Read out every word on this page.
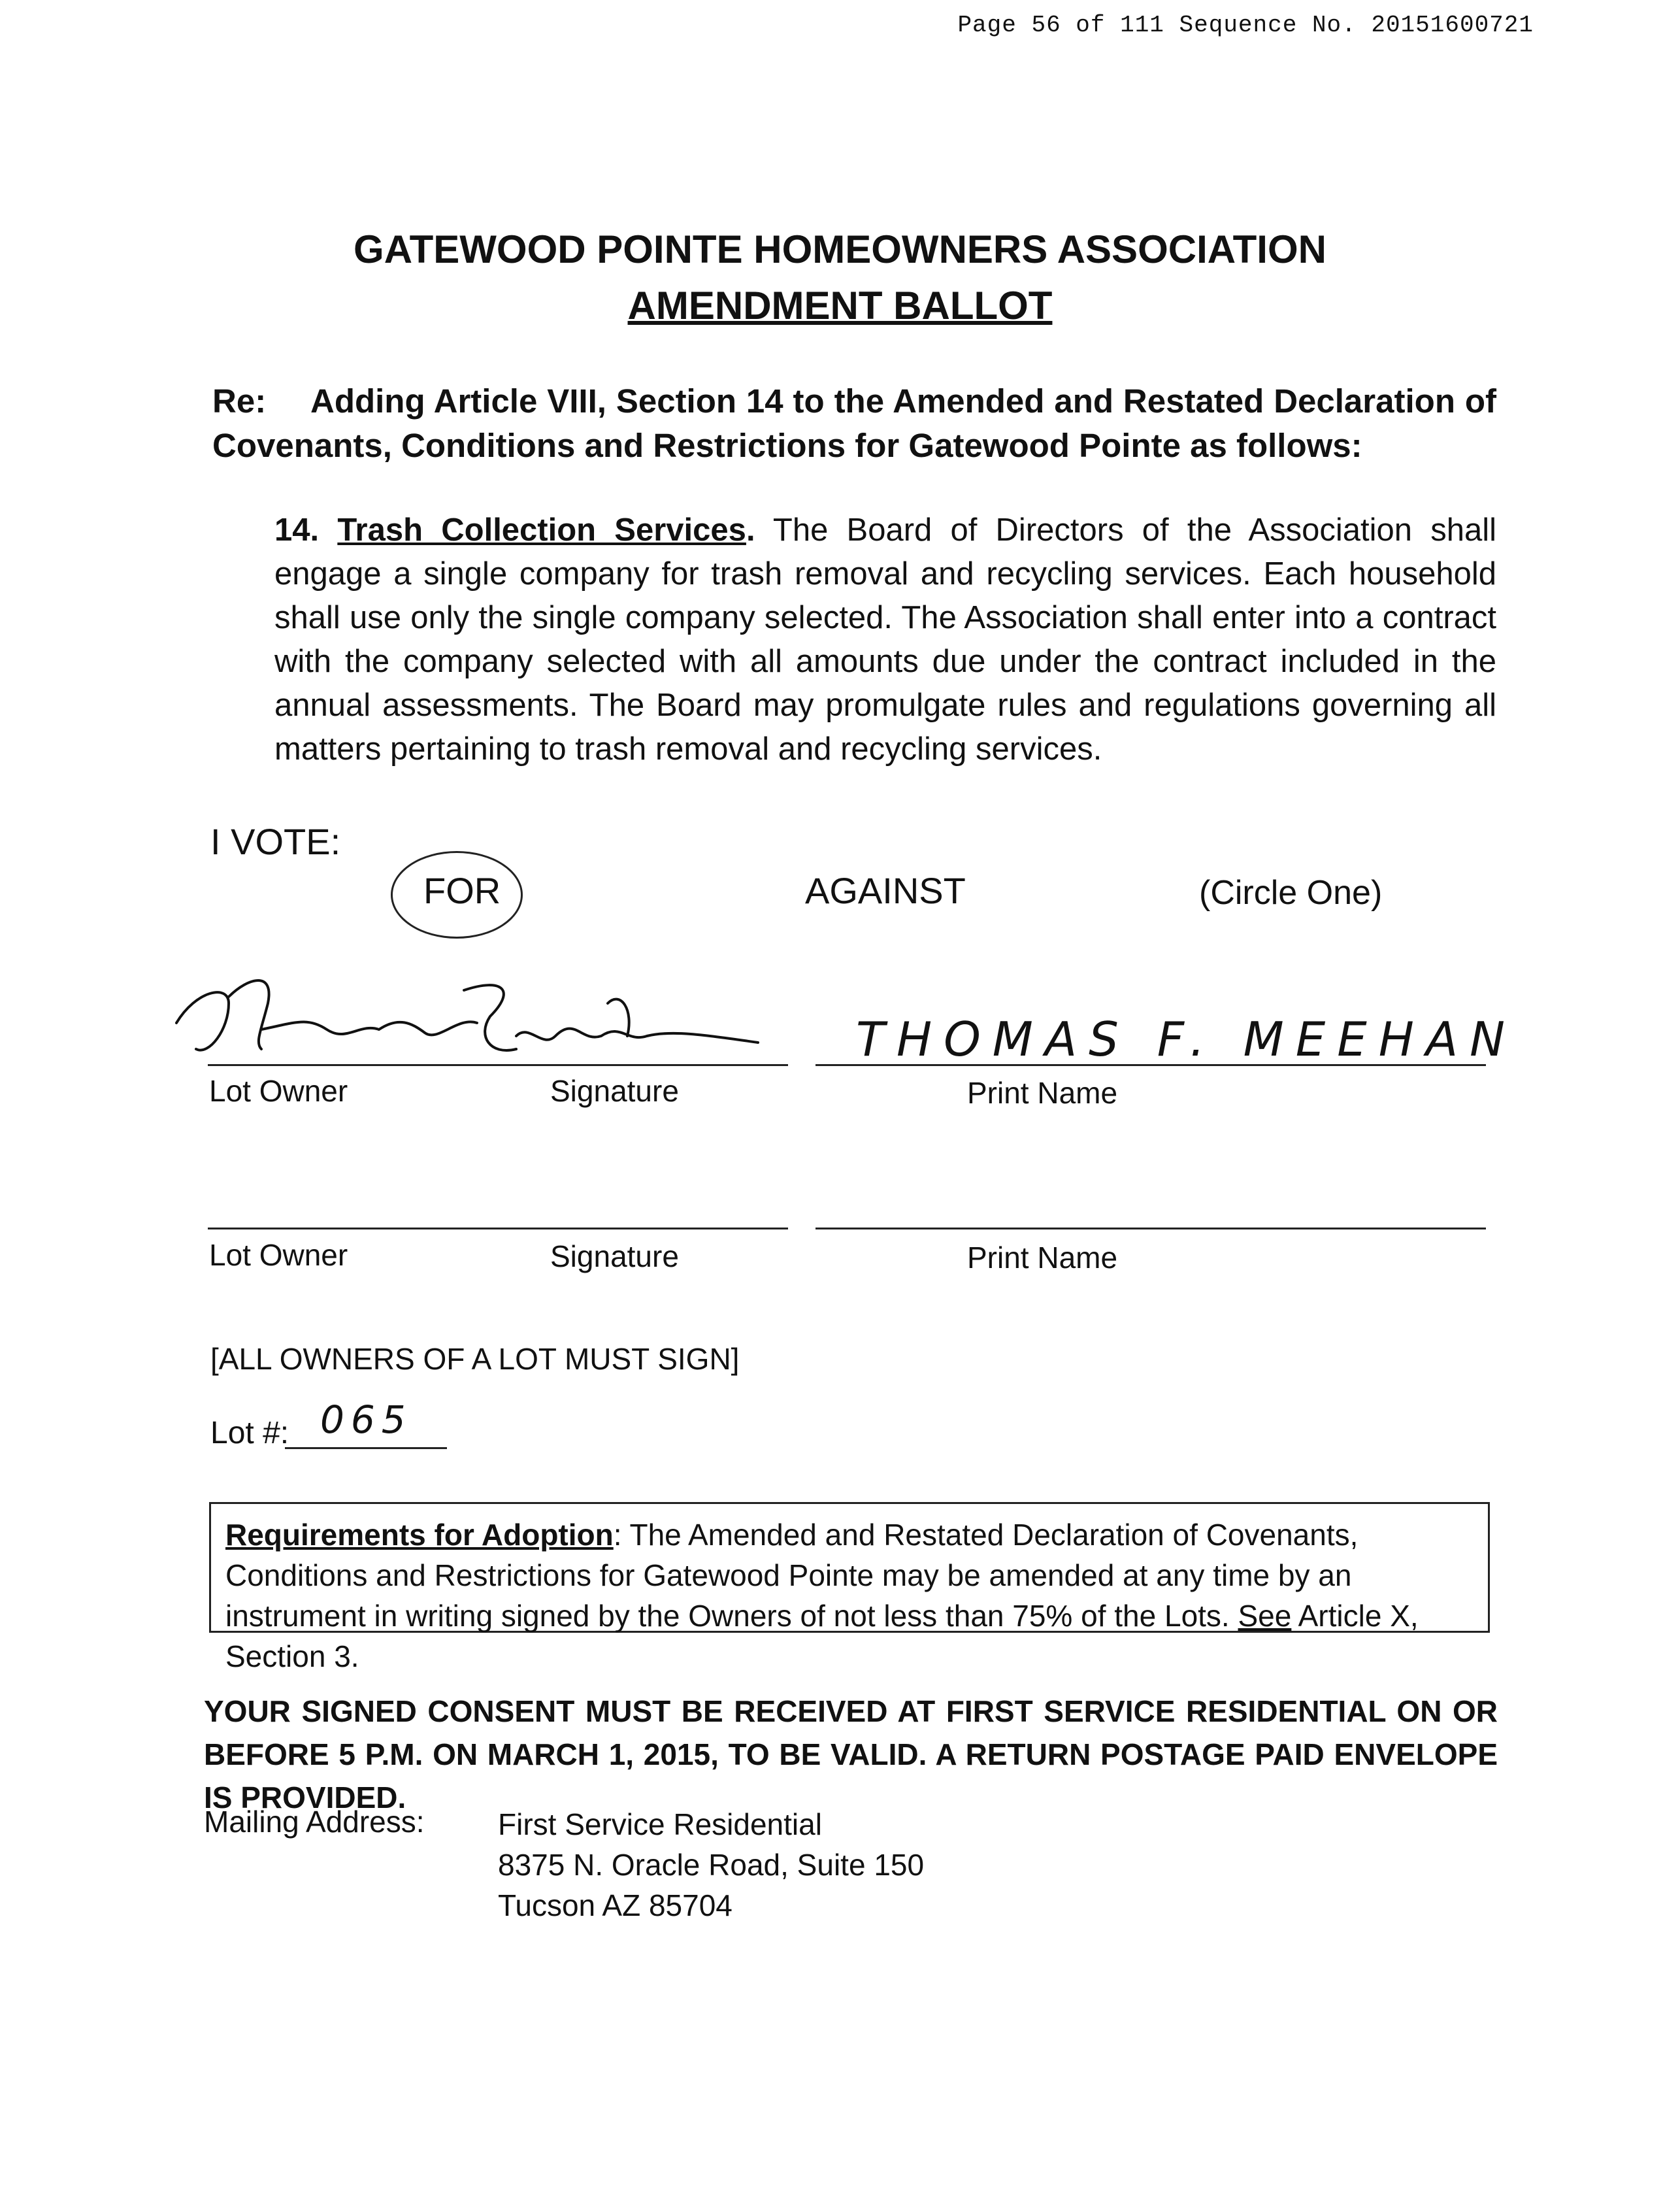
Page 56 of 111 Sequence No. 20151600721
GATEWOOD POINTE HOMEOWNERS ASSOCIATION
AMENDMENT BALLOT
Re: Adding Article VIII, Section 14 to the Amended and Restated Declaration of Covenants, Conditions and Restrictions for Gatewood Pointe as follows:
14. Trash Collection Services. The Board of Directors of the Association shall engage a single company for trash removal and recycling services. Each household shall use only the single company selected. The Association shall enter into a contract with the company selected with all amounts due under the contract included in the annual assessments. The Board may promulgate rules and regulations governing all matters pertaining to trash removal and recycling services.
I VOTE:
FOR	AGAINST	(Circle One)
THOMAS F. MEEHAN
Lot Owner	Signature	Print Name
Lot Owner	Signature	Print Name
[ALL OWNERS OF A LOT MUST SIGN]
Lot #: 065
Requirements for Adoption: The Amended and Restated Declaration of Covenants, Conditions and Restrictions for Gatewood Pointe may be amended at any time by an instrument in writing signed by the Owners of not less than 75% of the Lots. See Article X, Section 3.
YOUR SIGNED CONSENT MUST BE RECEIVED AT FIRST SERVICE RESIDENTIAL ON OR BEFORE 5 P.M. ON MARCH 1, 2015, TO BE VALID. A RETURN POSTAGE PAID ENVELOPE IS PROVIDED.
Mailing Address: First Service Residential
8375 N. Oracle Road, Suite 150
Tucson AZ 85704
